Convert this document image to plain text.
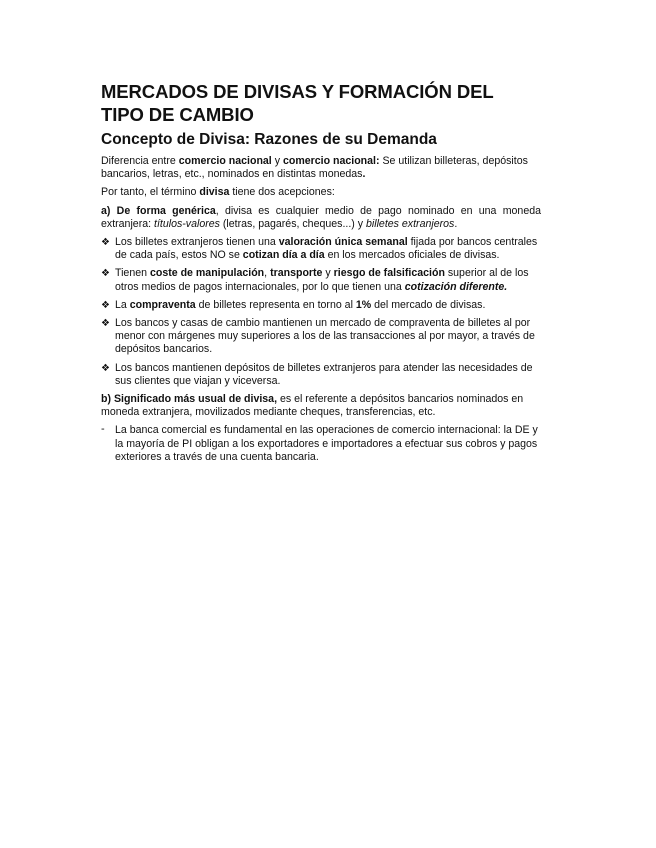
MERCADOS DE DIVISAS Y FORMACIÓN DEL TIPO DE CAMBIO
Concepto de Divisa: Razones de su Demanda

Diferencia entre comercio nacional y comercio nacional: Se utilizan billeteras, depósitos bancarios, letras, etc., nominados en distintas monedas.

Por tanto, el término divisa tiene dos acepciones:

a) De forma genérica, divisa es cualquier medio de pago nominado en una moneda extranjera: títulos-valores (letras, pagarés, cheques...) y billetes extranjeros.

❖ Los billetes extranjeros tienen una valoración única semanal fijada por bancos centrales de cada país, estos NO se cotizan día a día en los mercados oficiales de divisas.
❖ Tienen coste de manipulación, transporte y riesgo de falsificación superior al de los otros medios de pagos internacionales, por lo que tienen una cotización diferente.
❖ La compraventa de billetes representa en torno al 1% del mercado de divisas.
❖ Los bancos y casas de cambio mantienen un mercado de compraventa de billetes al por menor con márgenes muy superiores a los de las transacciones al por mayor, a través de depósitos bancarios.
❖ Los bancos mantienen depósitos de billetes extranjeros para atender las necesidades de sus clientes que viajan y viceversa.

b) Significado más usual de divisa, es el referente a depósitos bancarios nominados en moneda extranjera, movilizados mediante cheques, transferencias, etc.

- La banca comercial es fundamental en las operaciones de comercio internacional: la DE y la mayoría de PI obligan a los exportadores e importadores a efectuar sus cobros y pagos exteriores a través de una cuenta bancaria.
